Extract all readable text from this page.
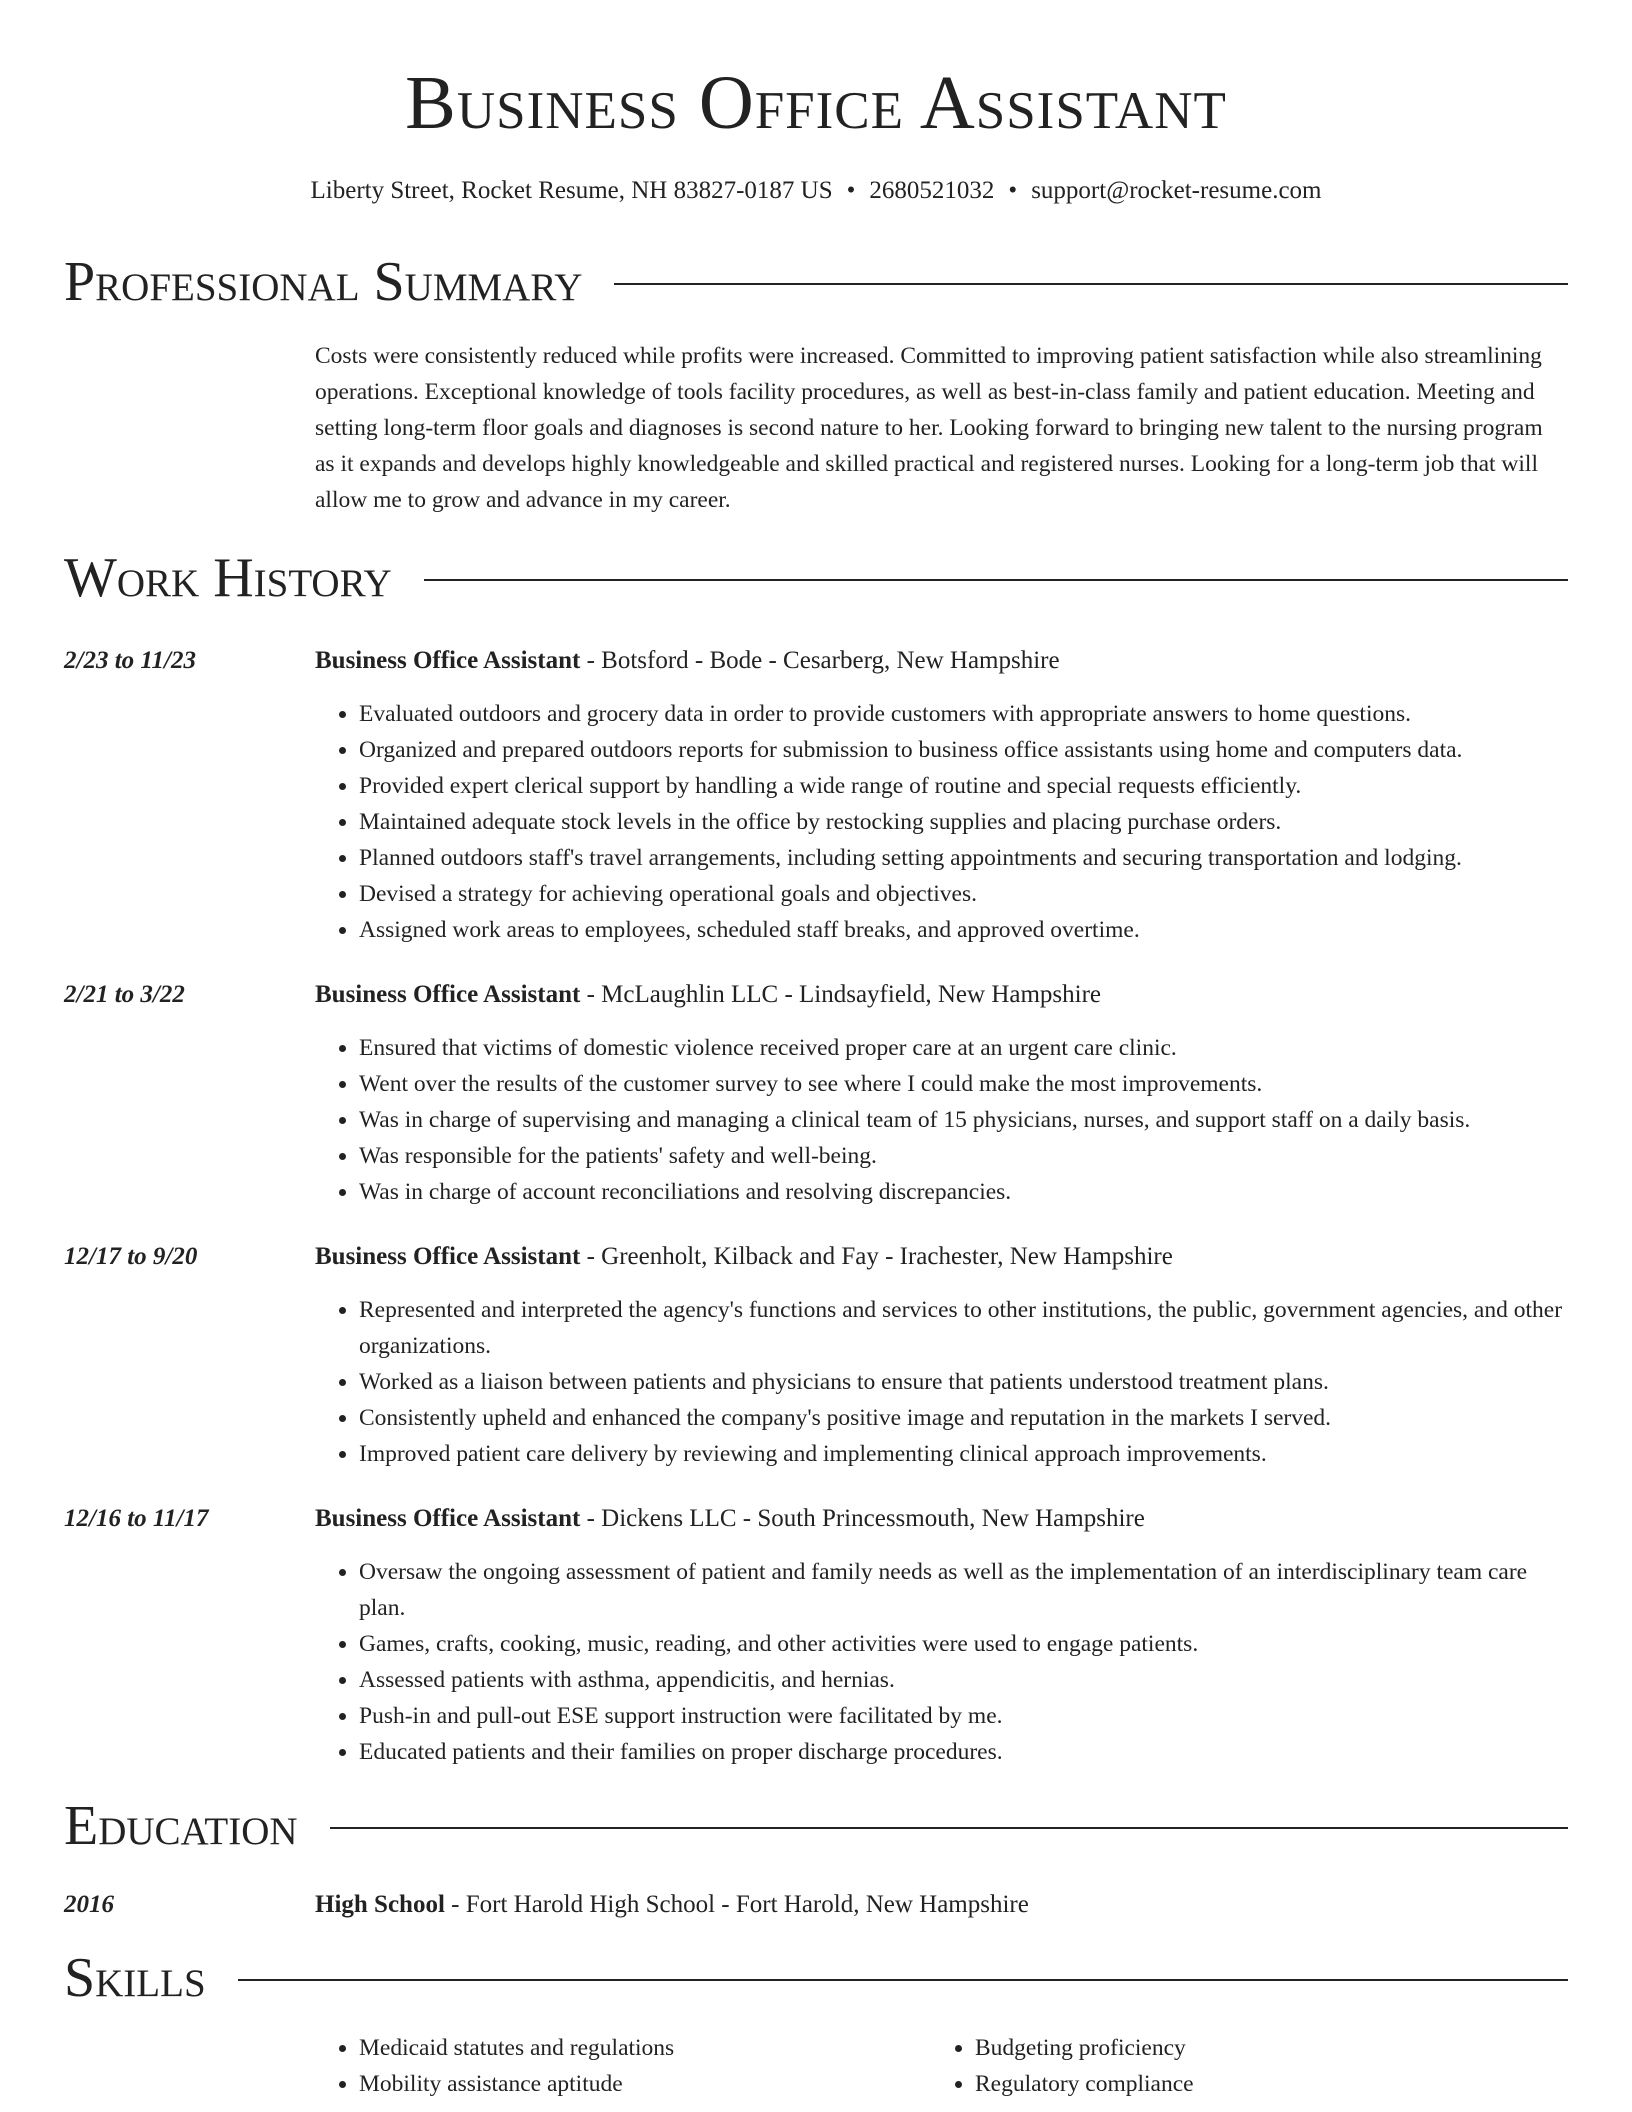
Business Office Assistant
Liberty Street, Rocket Resume, NH 83827-0187 US • 2680521032 • support@rocket-resume.com
Professional Summary
Costs were consistently reduced while profits were increased. Committed to improving patient satisfaction while also streamlining operations. Exceptional knowledge of tools facility procedures, as well as best-in-class family and patient education. Meeting and setting long-term floor goals and diagnoses is second nature to her. Looking forward to bringing new talent to the nursing program as it expands and develops highly knowledgeable and skilled practical and registered nurses. Looking for a long-term job that will allow me to grow and advance in my career.
Work History
2/23 to 11/23	Business Office Assistant - Botsford - Bode - Cesarberg, New Hampshire
• Evaluated outdoors and grocery data in order to provide customers with appropriate answers to home questions.
• Organized and prepared outdoors reports for submission to business office assistants using home and computers data.
• Provided expert clerical support by handling a wide range of routine and special requests efficiently.
• Maintained adequate stock levels in the office by restocking supplies and placing purchase orders.
• Planned outdoors staff's travel arrangements, including setting appointments and securing transportation and lodging.
• Devised a strategy for achieving operational goals and objectives.
• Assigned work areas to employees, scheduled staff breaks, and approved overtime.
2/21 to 3/22	Business Office Assistant - McLaughlin LLC - Lindsayfield, New Hampshire
• Ensured that victims of domestic violence received proper care at an urgent care clinic.
• Went over the results of the customer survey to see where I could make the most improvements.
• Was in charge of supervising and managing a clinical team of 15 physicians, nurses, and support staff on a daily basis.
• Was responsible for the patients' safety and well-being.
• Was in charge of account reconciliations and resolving discrepancies.
12/17 to 9/20	Business Office Assistant - Greenholt, Kilback and Fay - Irachester, New Hampshire
• Represented and interpreted the agency's functions and services to other institutions, the public, government agencies, and other organizations.
• Worked as a liaison between patients and physicians to ensure that patients understood treatment plans.
• Consistently upheld and enhanced the company's positive image and reputation in the markets I served.
• Improved patient care delivery by reviewing and implementing clinical approach improvements.
12/16 to 11/17	Business Office Assistant - Dickens LLC - South Princessmouth, New Hampshire
• Oversaw the ongoing assessment of patient and family needs as well as the implementation of an interdisciplinary team care plan.
• Games, crafts, cooking, music, reading, and other activities were used to engage patients.
• Assessed patients with asthma, appendicitis, and hernias.
• Push-in and pull-out ESE support instruction were facilitated by me.
• Educated patients and their families on proper discharge procedures.
Education
2016	High School - Fort Harold High School - Fort Harold, New Hampshire
Skills
• Medicaid statutes and regulations
• Mobility assistance aptitude
• Budgeting proficiency
• Regulatory compliance
